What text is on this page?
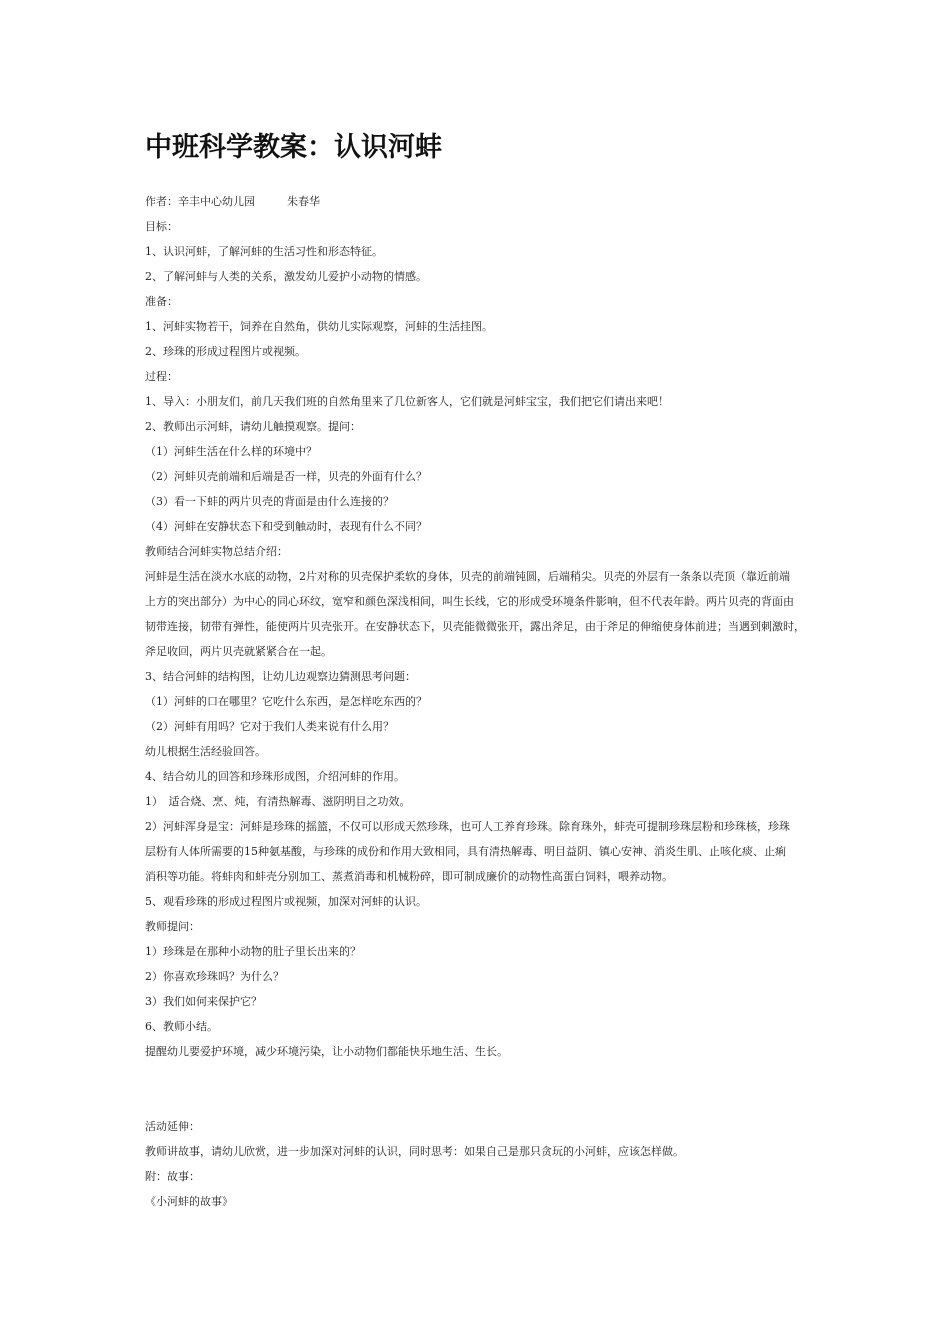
中班科学教案：认识河蚌
作者：辛丰中心幼儿园	朱春华
目标：
1、认识河蚌，了解河蚌的生活习性和形态特征。
2、了解河蚌与人类的关系，激发幼儿爱护小动物的情感。
准备：
1、河蚌实物若干，饲养在自然角，供幼儿实际观察，河蚌的生活挂图。
2、珍珠的形成过程图片或视频。
过程：
1、导入：小朋友们，前几天我们班的自然角里来了几位新客人，它们就是河蚌宝宝，我们把它们请出来吧！
2、教师出示河蚌，请幼儿触摸观察。提问：
（1）河蚌生活在什么样的环境中？
（2）河蚌贝壳前端和后端是否一样，贝壳的外面有什么？
（3）看一下蚌的两片贝壳的背面是由什么连接的？
（4）河蚌在安静状态下和受到触动时，表现有什么不同？
教师结合河蚌实物总结介绍：
河蚌是生活在淡水水底的动物，2片对称的贝壳保护柔软的身体，贝壳的前端钝圆，后端稍尖。贝壳的外层有一条条以壳顶（靠近前端
上方的突出部分）为中心的同心环纹，宽窄和颜色深浅相间，叫生长线，它的形成受环境条件影响，但不代表年龄。两片贝壳的背面由
韧带连接，韧带有弹性，能使两片贝壳张开。在安静状态下，贝壳能微微张开，露出斧足，由于斧足的伸缩使身体前进；当遇到刺激时，
斧足收回，两片贝壳就紧紧合在一起。
3、结合河蚌的结构图，让幼儿边观察边猜测思考问题：
（1）河蚌的口在哪里？它吃什么东西，是怎样吃东西的？
（2）河蚌有用吗？它对于我们人类来说有什么用？
幼儿根据生活经验回答。
4、结合幼儿的回答和珍珠形成图，介绍河蚌的作用。
1）　适合烧、烹、炖，有清热解毒、滋阴明目之功效。
2）河蚌浑身是宝：河蚌是珍珠的摇篮，不仅可以形成天然珍珠，也可人工养育珍珠。除育珠外，蚌壳可提制珍珠层粉和珍珠核，珍珠
层粉有人体所需要的15种氨基酸，与珍珠的成份和作用大致相同，具有清热解毒、明目益阴、镇心安神、消炎生肌、止咳化痰、止痢
消积等功能。将蚌肉和蚌壳分别加工、蒸煮消毒和机械粉碎，即可制成廉价的动物性高蛋白饲料，喂养动物。
5、观看珍珠的形成过程图片或视频，加深对河蚌的认识。
教师提问：
1）珍珠是在那种小动物的肚子里长出来的？
2）你喜欢珍珠吗？为什么？
3）我们如何来保护它？
6、教师小结。
提醒幼儿要爱护环境，减少环境污染，让小动物们都能快乐地生活、生长。
活动延伸：
教师讲故事，请幼儿欣赏，进一步加深对河蚌的认识，同时思考：如果自己是那只贪玩的小河蚌，应该怎样做。
附：故事：
《小河蚌的故事》
